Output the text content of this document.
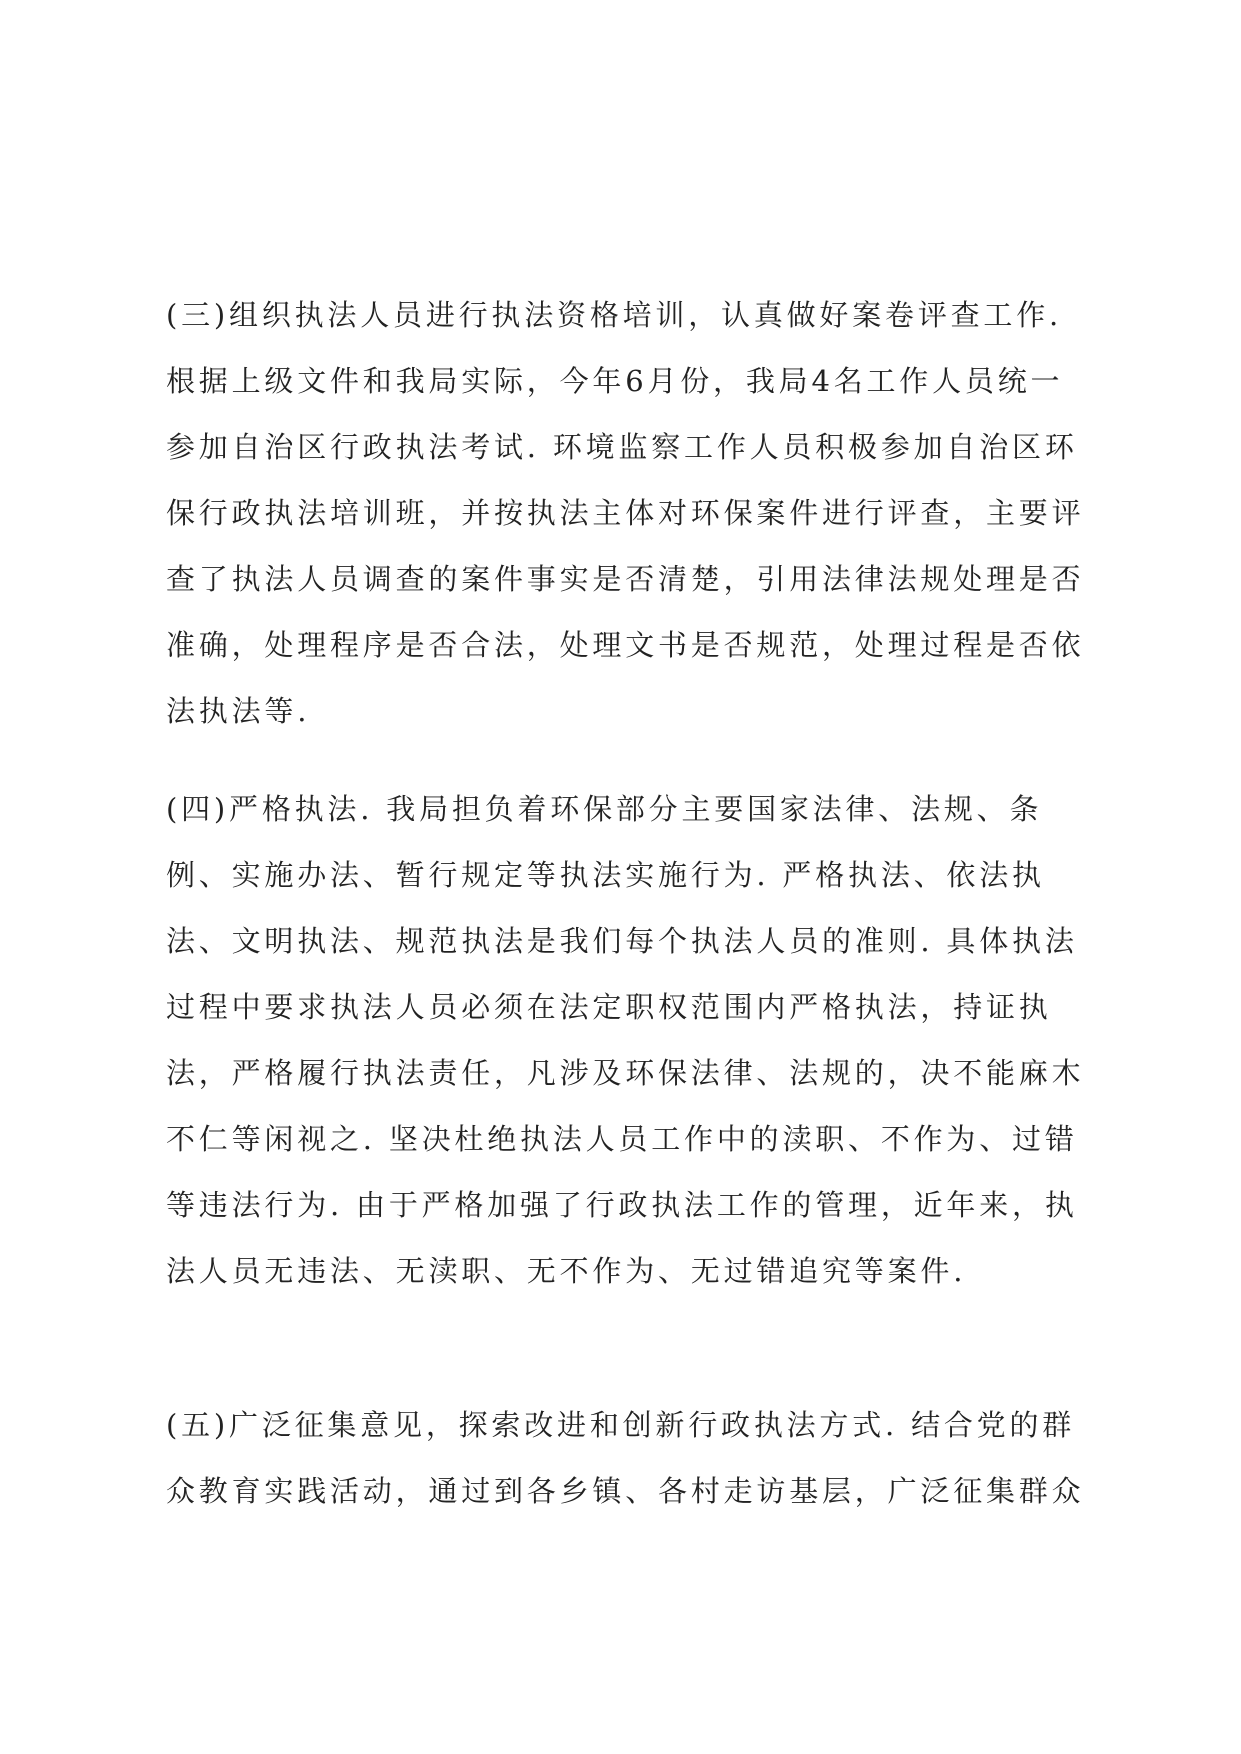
(三)组织执法人员进行执法资格培训，认真做好案卷评查工作.
根据上级文件和我局实际，今年6月份，我局4名工作人员统一
参加自治区行政执法考试. 环境监察工作人员积极参加自治区环
保行政执法培训班，并按执法主体对环保案件进行评查，主要评
查了执法人员调查的案件事实是否清楚，引用法律法规处理是否
准确，处理程序是否合法，处理文书是否规范，处理过程是否依
法执法等.
(四)严格执法. 我局担负着环保部分主要国家法律、法规、条
例、实施办法、暂行规定等执法实施行为. 严格执法、依法执
法、文明执法、规范执法是我们每个执法人员的准则. 具体执法
过程中要求执法人员必须在法定职权范围内严格执法，持证执
法，严格履行执法责任，凡涉及环保法律、法规的，决不能麻木
不仁等闲视之. 坚决杜绝执法人员工作中的渎职、不作为、过错
等违法行为. 由于严格加强了行政执法工作的管理，近年来，执
法人员无违法、无渎职、无不作为、无过错追究等案件.
(五)广泛征集意见，探索改进和创新行政执法方式. 结合党的群
众教育实践活动，通过到各乡镇、各村走访基层，广泛征集群众
